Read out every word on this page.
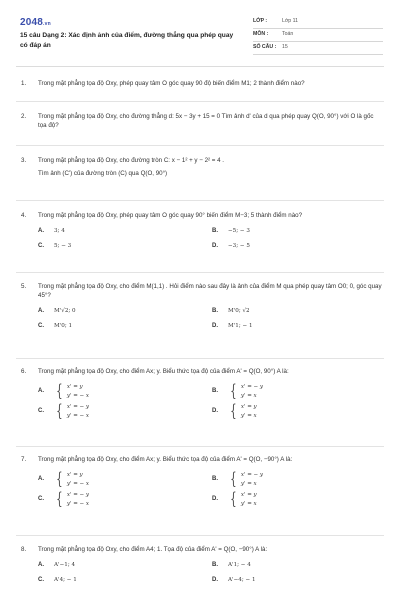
2048.vn
15 câu Dạng 2: Xác định ảnh của điểm, đường thẳng qua phép quay có đáp án
LỚP :	Lớp 11
MÔN :	Toán
SỐ CÂU :	15
1.	Trong mặt phẳng tọa độ Oxy, phép quay tâm O góc quay 90 độ biến điểm M1; 2 thành điểm nào?
2.	Trong mặt phẳng tọa độ Oxy, cho đường thẳng d: 5x − 3y + 15 = 0 Tìm ảnh d' của d qua phép quay Q(O, 90°) với O là gốc tọa độ?
3.	Trong mặt phẳng tọa độ Oxy, cho đường tròn C: x − 1² + y − 2² = 4 .
Tìm ảnh (C') của đường tròn (C) qua Q(O, 90°)
4.	Trong mặt phẳng tọa độ Oxy, phép quay tâm O góc quay 90° biến điểm M−3; 5 thành điểm nào?
A.	3; 4	B.	−5; − 3
C.	5; − 3	D.	−3; − 5
5.	Trong mặt phẳng tọa độ Oxy, cho điểm M(1,1) . Hỏi điểm nào sau đây là ảnh của điểm M qua phép quay tâm O0; 0, góc quay 45°?
A.	M'√2; 0	B.	M'0; √2
C.	M'0; 1	D.	M'1; − 1
6.	Trong mặt phẳng tọa độ Oxy, cho điểm Ax; y. Biểu thức tọa độ của điểm A' = Q(O, 90°) A là:
A. { x' = y
y' = − x
B. { x' = − y
y' = x
C. { x' = − y
y' = − x
D. { x' = y
y' = x
7.	Trong mặt phẳng tọa độ Oxy, cho điểm Ax; y. Biểu thức tọa độ của điểm A' = Q(O, −90°) A là:
A. { x' = y
y' = − x
B. { x' = − y
y' = x
C. { x' = − y
y' = − x
D. { x' = y
y' = x
8.	Trong mặt phẳng tọa độ Oxy, cho điểm A4; 1. Tọa độ của điểm A' = Q(O, −90°) A là:
A.	A'−1; 4	B.	A'1; − 4
C.	A'4; − 1	D.	A'−4; − 1
